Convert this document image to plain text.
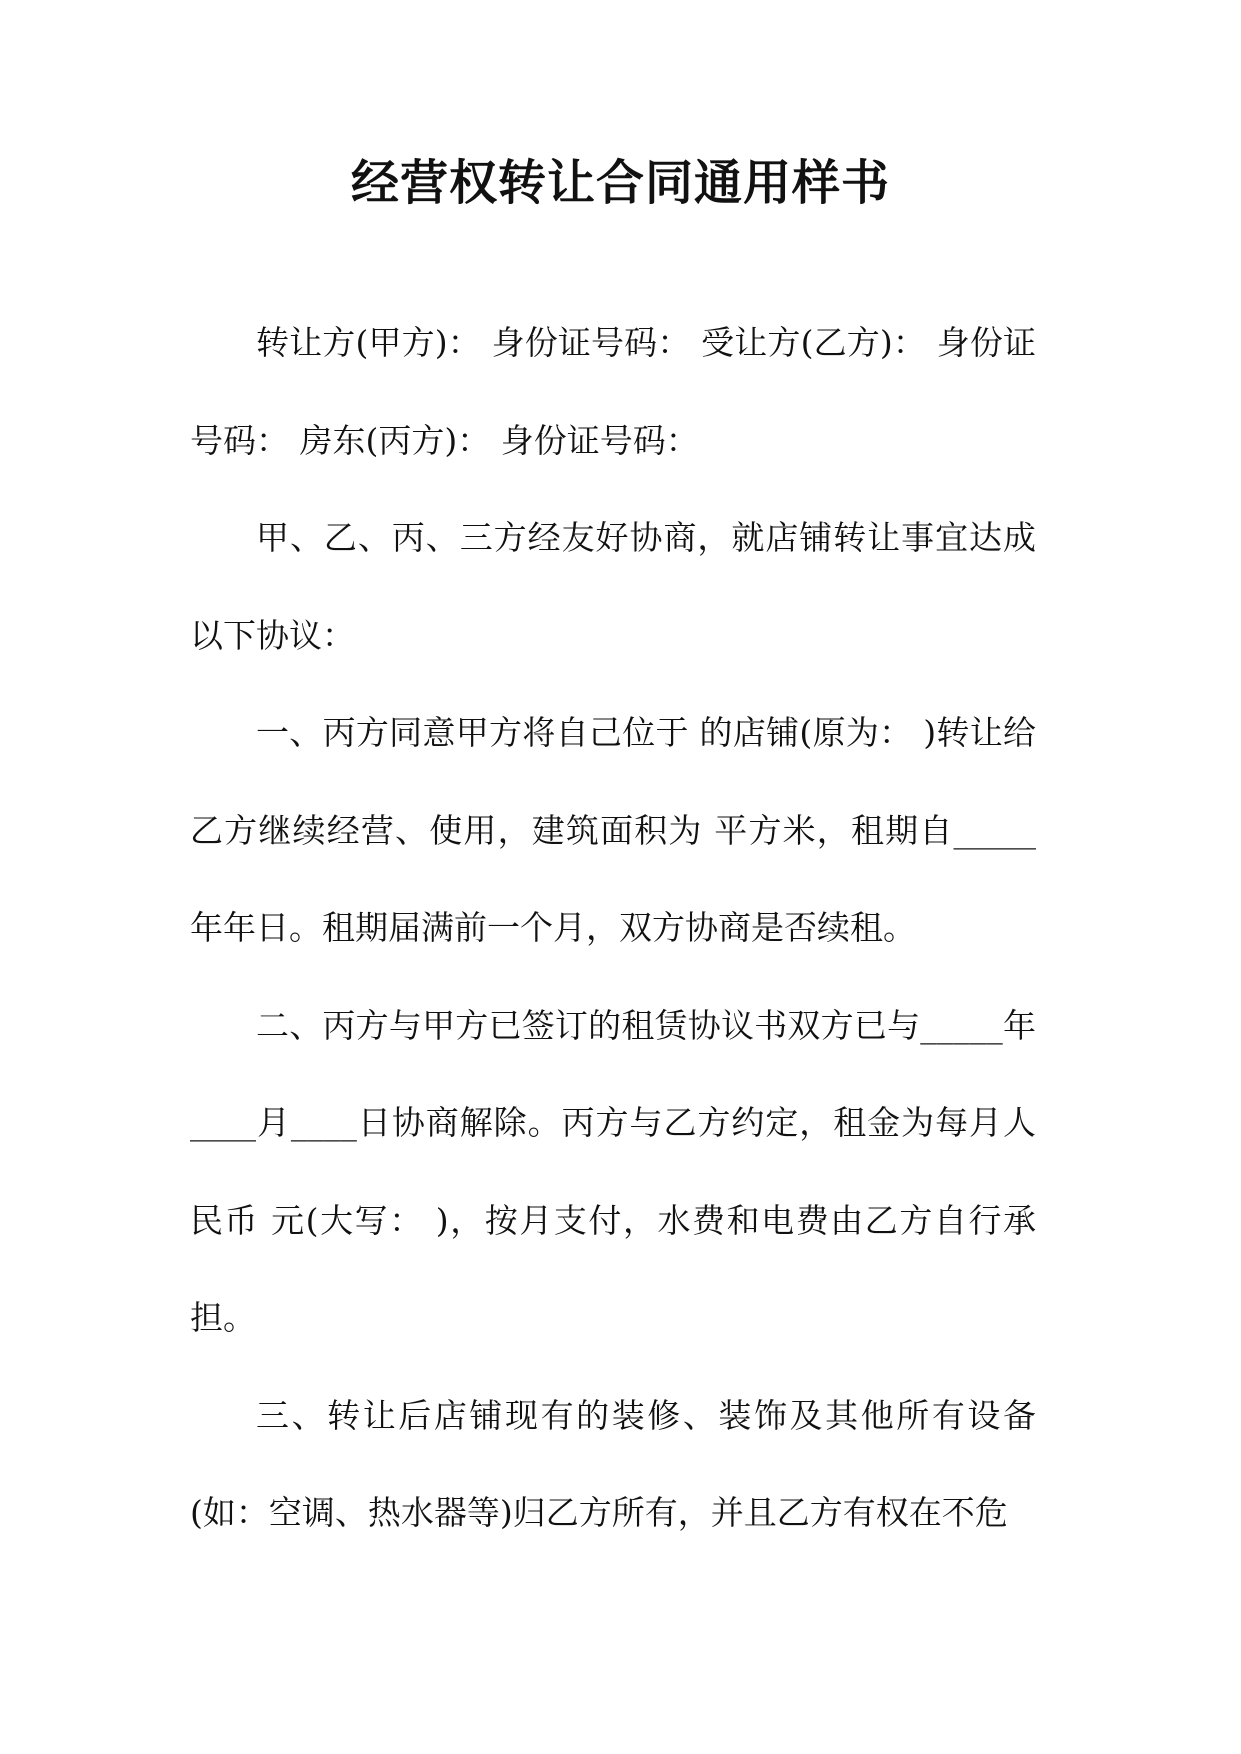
经营权转让合同通用样书

转让方(甲方)： 身份证号码： 受让方(乙方)： 身份证号码： 房东(丙方)： 身份证号码：

甲、乙、丙、三方经友好协商，就店铺转让事宜达成以下协议：

一、丙方同意甲方将自己位于 的店铺(原为： )转让给乙方继续经营、使用，建筑面积为 平方米，租期自_____年年日。租期届满前一个月，双方协商是否续租。

二、丙方与甲方已签订的租赁协议书双方已与_____年____月____日协商解除。丙方与乙方约定，租金为每月人民币 元(大写： )，按月支付，水费和电费由乙方自行承担。

三、转让后店铺现有的装修、装饰及其他所有设备(如：空调、热水器等)归乙方所有，并且乙方有权在不危
